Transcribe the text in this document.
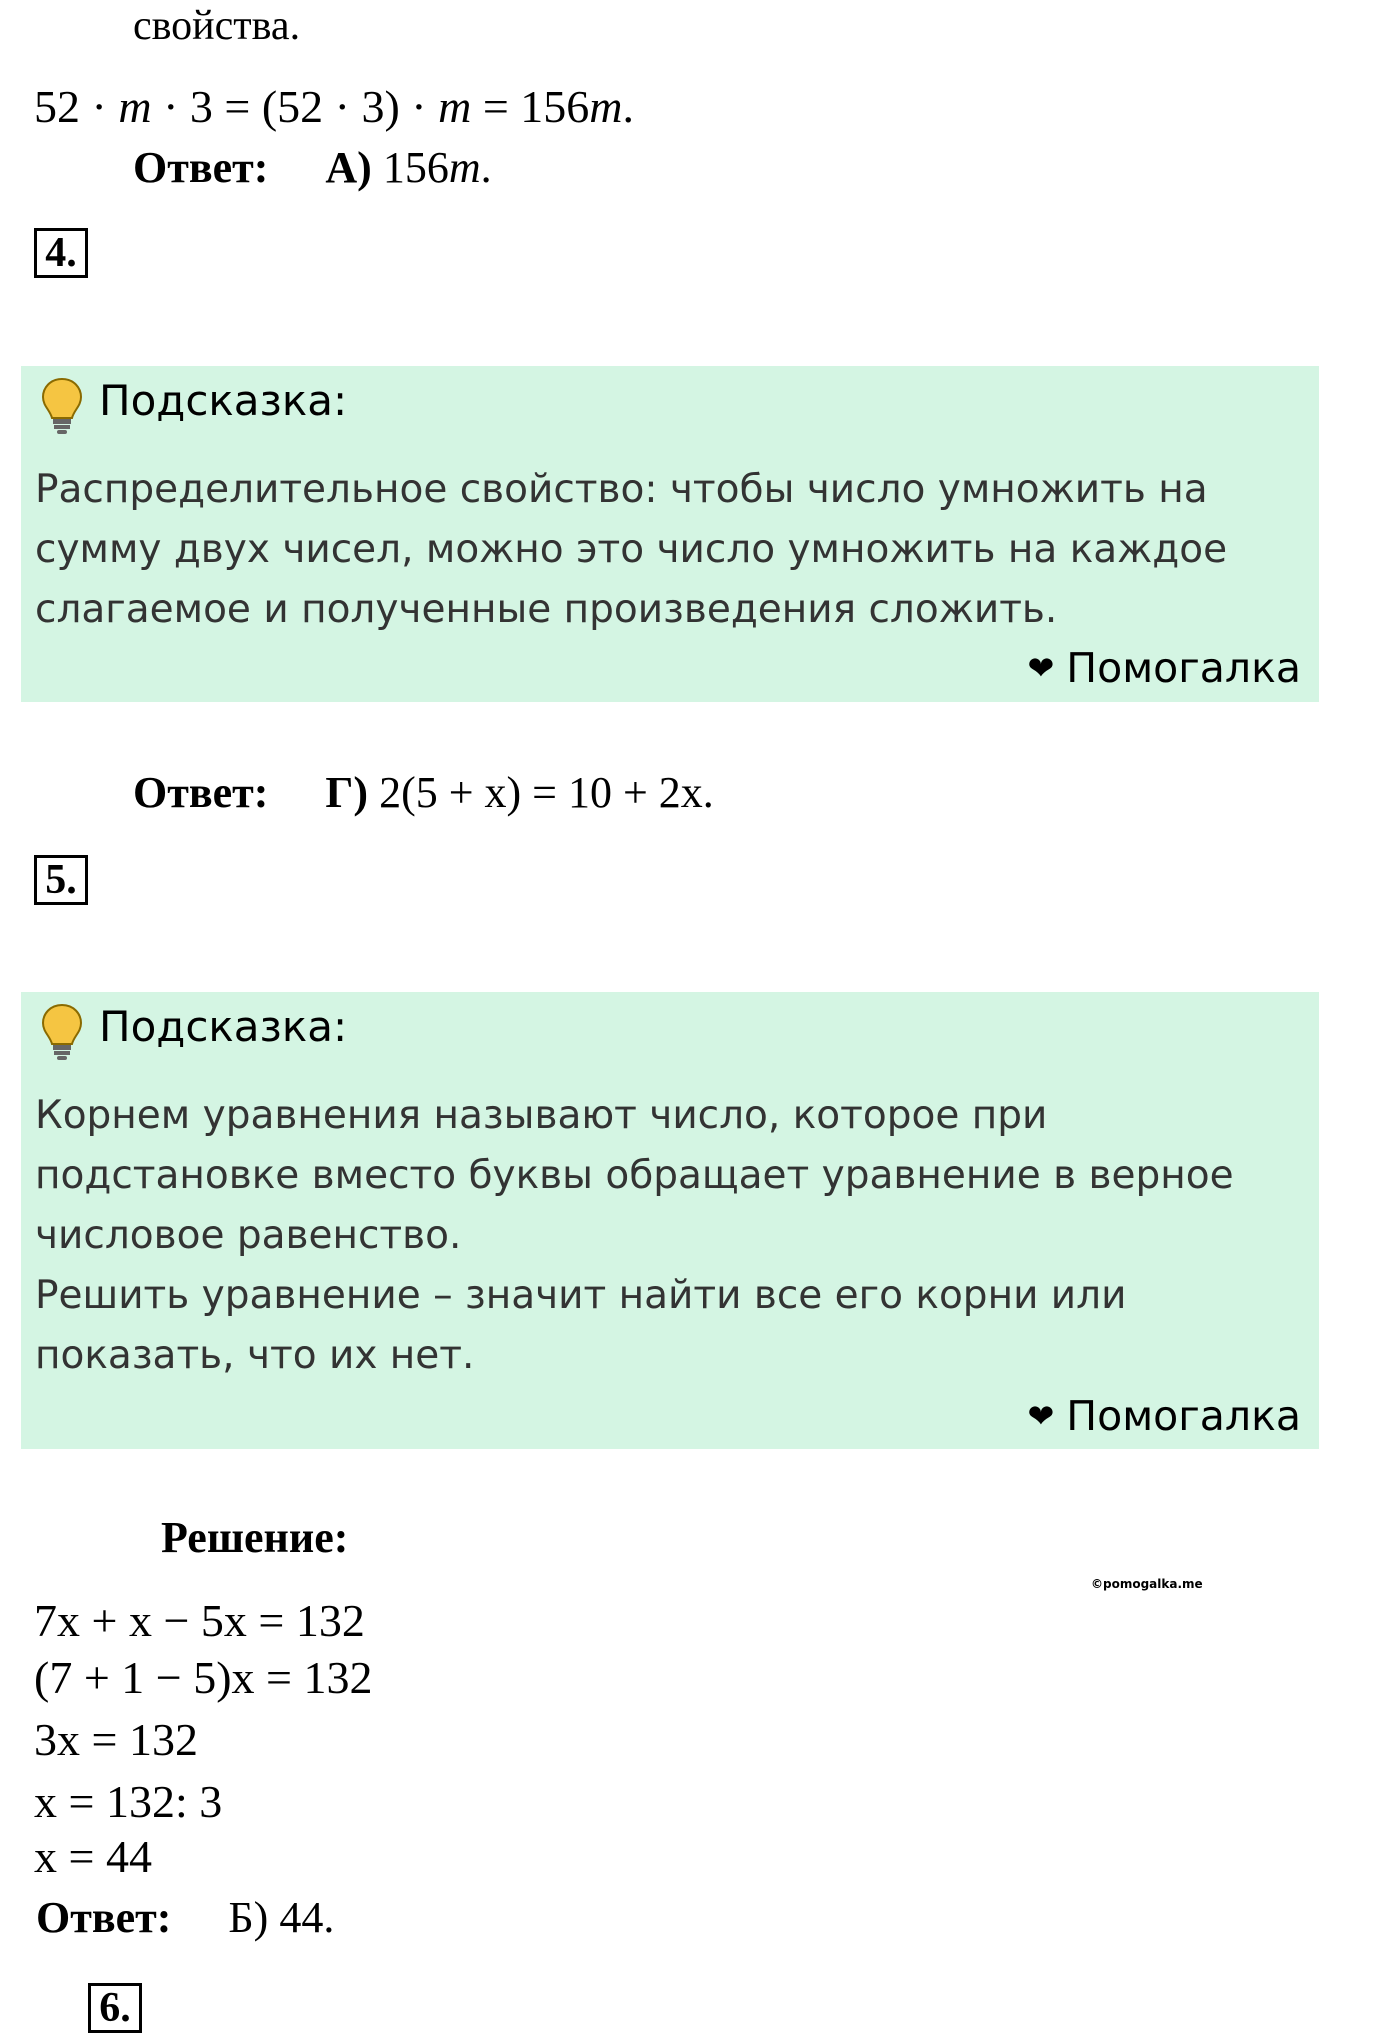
свойства.
52 · m · 3 = (52 · 3) · m = 156m.
Ответ: А) 156m.
4.
Подсказка:
Распределительное свойство: чтобы число умножить на
сумму двух чисел, можно это число умножить на каждое
слагаемое и полученные произведения сложить.
❤ Помогалка
Ответ: Г) 2(5 + x) = 10 + 2x.
5.
Подсказка:
Корнем уравнения называют число, которое при
подстановке вместо буквы обращает уравнение в верное
числовое равенство.
Решить уравнение – значит найти все его корни или
показать, что их нет.
❤ Помогалка
Решение:
©pomogalka.me
7x + x − 5x = 132
(7 + 1 − 5)x = 132
3x = 132
x = 132: 3
x = 44
Ответ: Б) 44.
6.
